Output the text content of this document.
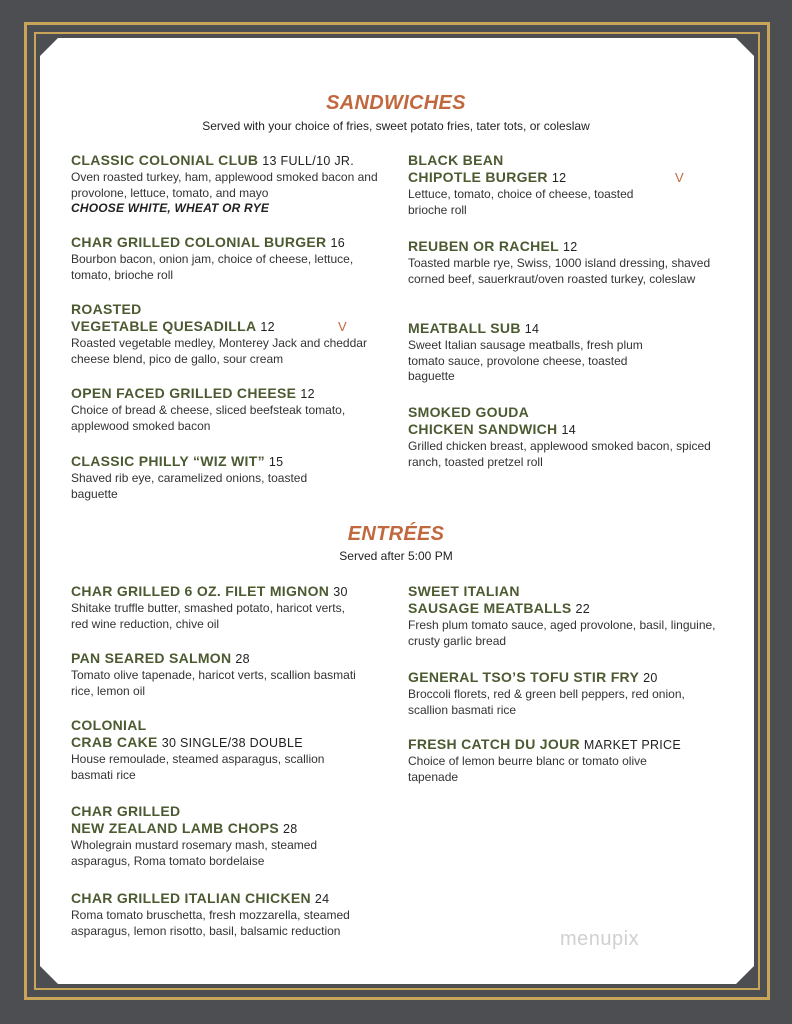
SANDWICHES
Served with your choice of fries, sweet potato fries, tater tots, or coleslaw
CLASSIC COLONIAL CLUB 13 FULL/10 JR.
Oven roasted turkey, ham, applewood smoked bacon and provolone, lettuce, tomato, and mayo
CHOOSE WHITE, WHEAT OR RYE
CHAR GRILLED COLONIAL BURGER 16
Bourbon bacon, onion jam, choice of cheese, lettuce, tomato, brioche roll
ROASTED
VEGETABLE QUESADILLA 12	V
Roasted vegetable medley, Monterey Jack and cheddar cheese blend, pico de gallo, sour cream
OPEN FACED GRILLED CHEESE 12
Choice of bread & cheese, sliced beefsteak tomato, applewood smoked bacon
CLASSIC PHILLY “WIZ WIT” 15
Shaved rib eye, caramelized onions, toasted baguette
BLACK BEAN
CHIPOTLE BURGER 12	V
Lettuce, tomato, choice of cheese, toasted brioche roll
REUBEN OR RACHEL 12
Toasted marble rye, Swiss, 1000 island dressing, shaved corned beef, sauerkraut/oven roasted turkey, coleslaw
MEATBALL SUB 14
Sweet Italian sausage meatballs, fresh plum tomato sauce, provolone cheese, toasted baguette
SMOKED GOUDA
CHICKEN SANDWICH 14
Grilled chicken breast, applewood smoked bacon, spiced ranch, toasted pretzel roll
ENTRÉES
Served after 5:00 PM
CHAR GRILLED 6 OZ. FILET MIGNON 30
Shitake truffle butter, smashed potato, haricot verts, red wine reduction, chive oil
PAN SEARED SALMON 28
Tomato olive tapenade, haricot verts, scallion basmati rice, lemon oil
COLONIAL
CRAB CAKE 30 SINGLE/38 DOUBLE
House remoulade, steamed asparagus, scallion basmati rice
CHAR GRILLED
NEW ZEALAND LAMB CHOPS 28
Wholegrain mustard rosemary mash, steamed asparagus, Roma tomato bordelaise
CHAR GRILLED ITALIAN CHICKEN 24
Roma tomato bruschetta, fresh mozzarella, steamed asparagus, lemon risotto, basil, balsamic reduction
SWEET ITALIAN
SAUSAGE MEATBALLS 22
Fresh plum tomato sauce, aged provolone, basil, linguine, crusty garlic bread
GENERAL TSO’S TOFU STIR FRY 20
Broccoli florets, red & green bell peppers, red onion, scallion basmati rice
FRESH CATCH DU JOUR MARKET PRICE
Choice of lemon beurre blanc or tomato olive tapenade
menupix
